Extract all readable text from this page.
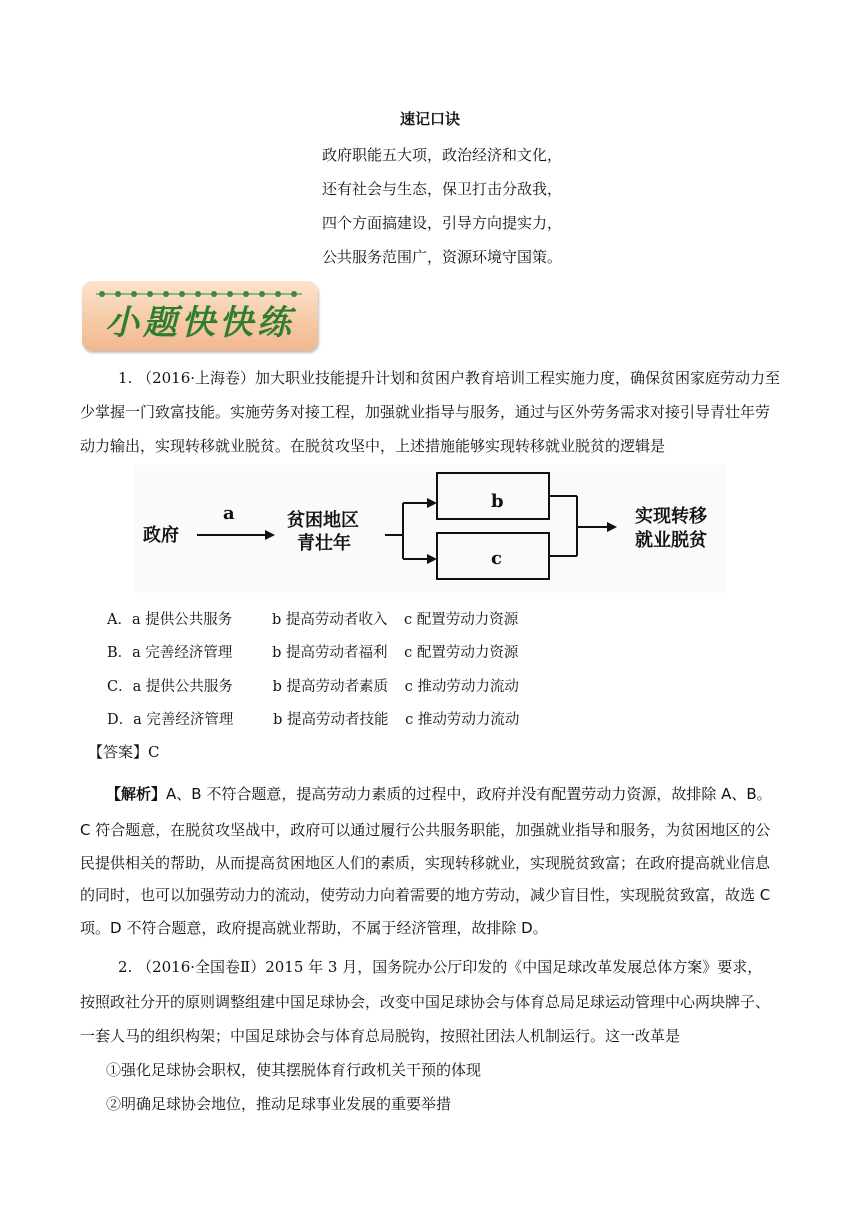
速记口诀
政府职能五大项，政治经济和文化，
还有社会与生态，保卫打击分敌我，
四个方面搞建设，引导方向提实力，
公共服务范围广，资源环境守国策。
小题快快练
1. （2016·上海卷）加大职业技能提升计划和贫困户教育培训工程实施力度，确保贫困家庭劳动力至
少掌握一门致富技能。实施劳务对接工程，加强就业指导与服务，通过与区外劳务需求对接引导青壮年劳
动力输出，实现转移就业脱贫。在脱贫攻坚中，上述措施能够实现转移就业脱贫的逻辑是
政府
a	贫困地区
青壮年
b
c
实现转移
就业脱贫
A．a 提供公共服务	b 提高劳动者收入 c 配置劳动力资源
B．a 完善经济管理	b 提高劳动者福利 c 配置劳动力资源
C．a 提供公共服务	b 提高劳动者素质 c 推动劳动力流动
D．a 完善经济管理	b 提高劳动者技能 c 推动劳动力流动
【答案】C
【解析】A、B 不符合题意，提高劳动力素质的过程中，政府并没有配置劳动力资源，故排除 A、B。
C 符合题意，在脱贫攻坚战中，政府可以通过履行公共服务职能，加强就业指导和服务，为贫困地区的公
民提供相关的帮助，从而提高贫困地区人们的素质，实现转移就业，实现脱贫致富；在政府提高就业信息
的同时，也可以加强劳动力的流动，使劳动力向着需要的地方劳动，减少盲目性，实现脱贫致富，故选 C
项。D 不符合题意，政府提高就业帮助，不属于经济管理，故排除 D。
2. （2016·全国卷Ⅱ）2015 年 3 月，国务院办公厅印发的《中国足球改革发展总体方案》要求，
按照政社分开的原则调整组建中国足球协会，改变中国足球协会与体育总局足球运动管理中心两块牌子、
一套人马的组织构架；中国足球协会与体育总局脱钩，按照社团法人机制运行。这一改革是
①强化足球协会职权，使其摆脱体育行政机关干预的体现
②明确足球协会地位，推动足球事业发展的重要举措
